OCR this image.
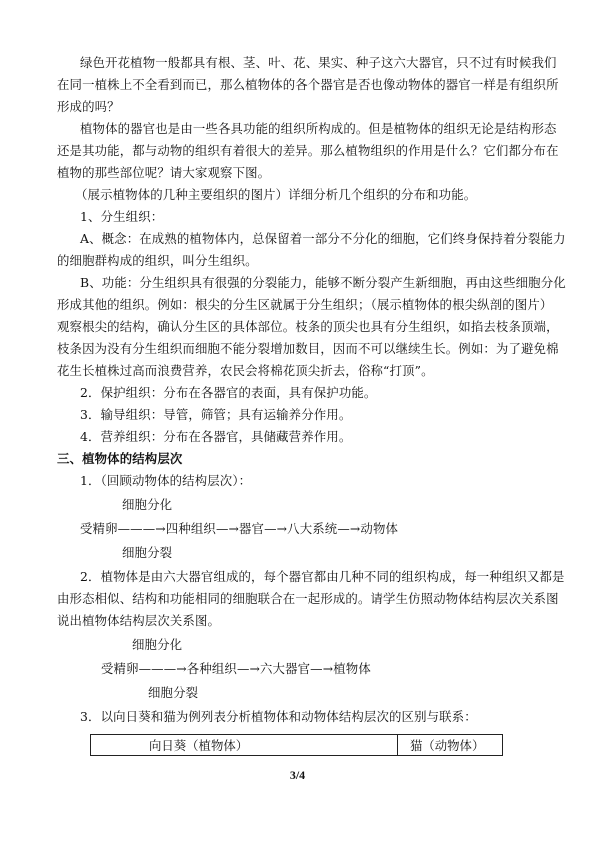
绿色开花植物一般都具有根、茎、叶、花、果实、种子这六大器官，只不过有时候我们
在同一植株上不全看到而已，那么植物体的各个器官是否也像动物体的器官一样是有组织所
形成的吗？
植物体的器官也是由一些各具功能的组织所构成的。但是植物体的组织无论是结构形态
还是其功能，都与动物的组织有着很大的差异。那么植物组织的作用是什么？它们都分布在
植物的那些部位呢？请大家观察下图。
（展示植物体的几种主要组织的图片）详细分析几个组织的分布和功能。
1、分生组织：
A、概念：在成熟的植物体内，总保留着一部分不分化的细胞，它们终身保持着分裂能力
的细胞群构成的组织，叫分生组织。
B、功能：分生组织具有很强的分裂能力，能够不断分裂产生新细胞，再由这些细胞分化
形成其他的组织。例如：根尖的分生区就属于分生组织；（展示植物体的根尖纵剖的图片）
观察根尖的结构，确认分生区的具体部位。枝条的顶尖也具有分生组织，如掐去枝条顶端，
枝条因为没有分生组织而细胞不能分裂增加数目，因而不可以继续生长。例如：为了避免棉
花生长植株过高而浪费营养，农民会将棉花顶尖折去，俗称“打顶”。
2．保护组织：分布在各器官的表面，具有保护功能。
3．输导组织：导管，筛管；具有运输养分作用。
4．营养组织：分布在各器官，具储藏营养作用。
三、植物体的结构层次
1．（回顾动物体的结构层次）：
细胞分化
受精卵———→四种组织—→器官—→八大系统—→动物体
细胞分裂
2．植物体是由六大器官组成的，每个器官都由几种不同的组织构成，每一种组织又都是
由形态相似、结构和功能相同的细胞联合在一起形成的。请学生仿照动物体结构层次关系图
说出植物体结构层次关系图。
细胞分化
受精卵———→各种组织—→六大器官—→植物体
细胞分裂
3．以向日葵和猫为例列表分析植物体和动物体结构层次的区别与联系：
向日葵（植物体）	猫（动物体）
3/4
